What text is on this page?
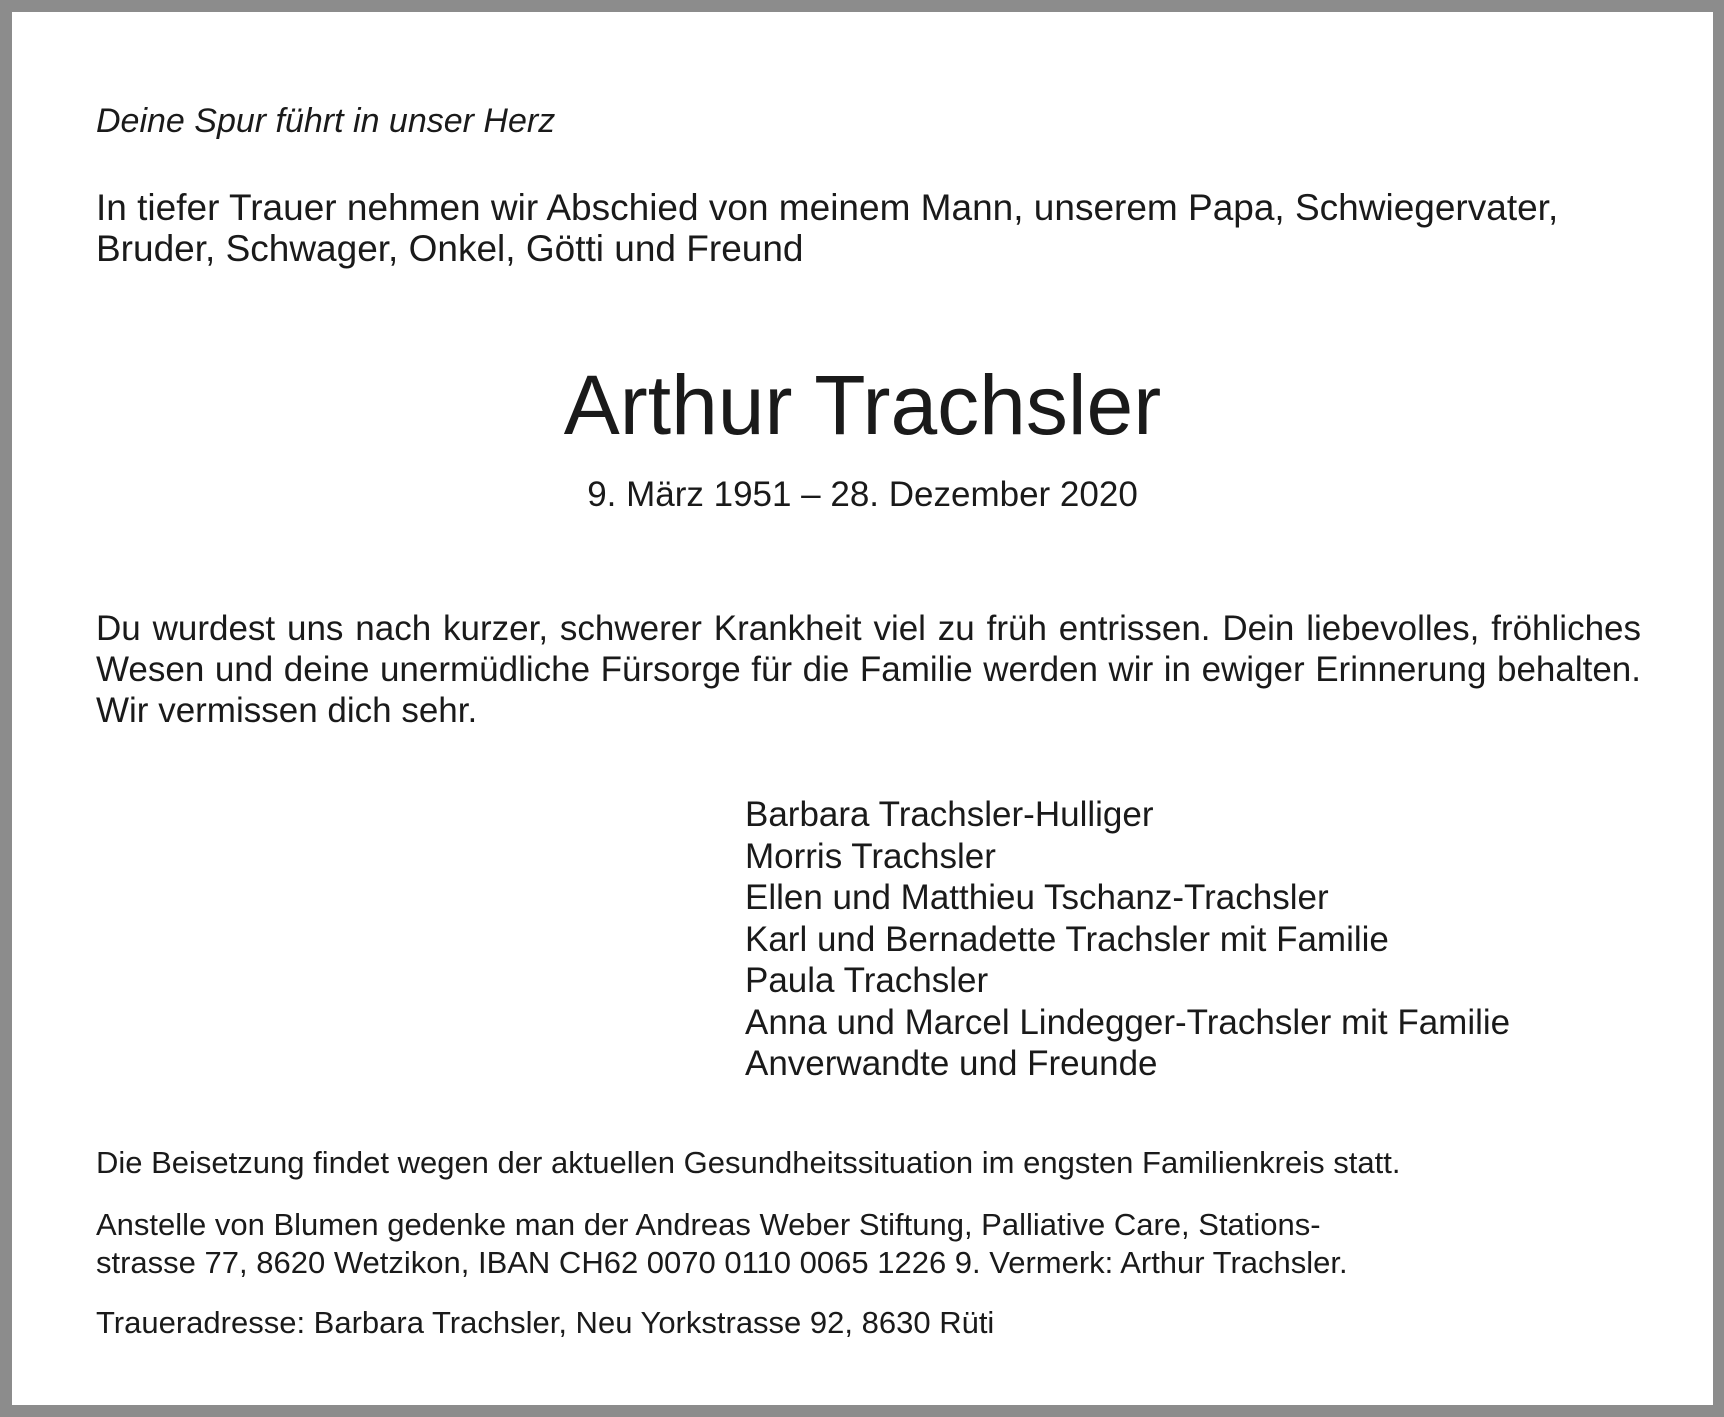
Deine Spur führt in unser Herz

In tiefer Trauer nehmen wir Abschied von meinem Mann, unserem Papa, Schwiegervater,
Bruder, Schwager, Onkel, Götti und Freund

Arthur Trachsler

9. März 1951 – 28. Dezember 2020

Du wurdest uns nach kurzer, schwerer Krankheit viel zu früh entrissen. Dein liebevolles, fröhliches Wesen und deine unermüdliche Fürsorge für die Familie werden wir in ewiger Erinnerung behalten. Wir vermissen dich sehr.

Barbara Trachsler-Hulliger
Morris Trachsler
Ellen und Matthieu Tschanz-Trachsler
Karl und Bernadette Trachsler mit Familie
Paula Trachsler
Anna und Marcel Lindegger-Trachsler mit Familie
Anverwandte und Freunde

Die Beisetzung findet wegen der aktuellen Gesundheitssituation im engsten Familienkreis statt.

Anstelle von Blumen gedenke man der Andreas Weber Stiftung, Palliative Care, Stations-
strasse 77, 8620 Wetzikon, IBAN CH62 0070 0110 0065 1226 9. Vermerk: Arthur Trachsler.

Traueradresse: Barbara Trachsler, Neu Yorkstrasse 92, 8630 Rüti
